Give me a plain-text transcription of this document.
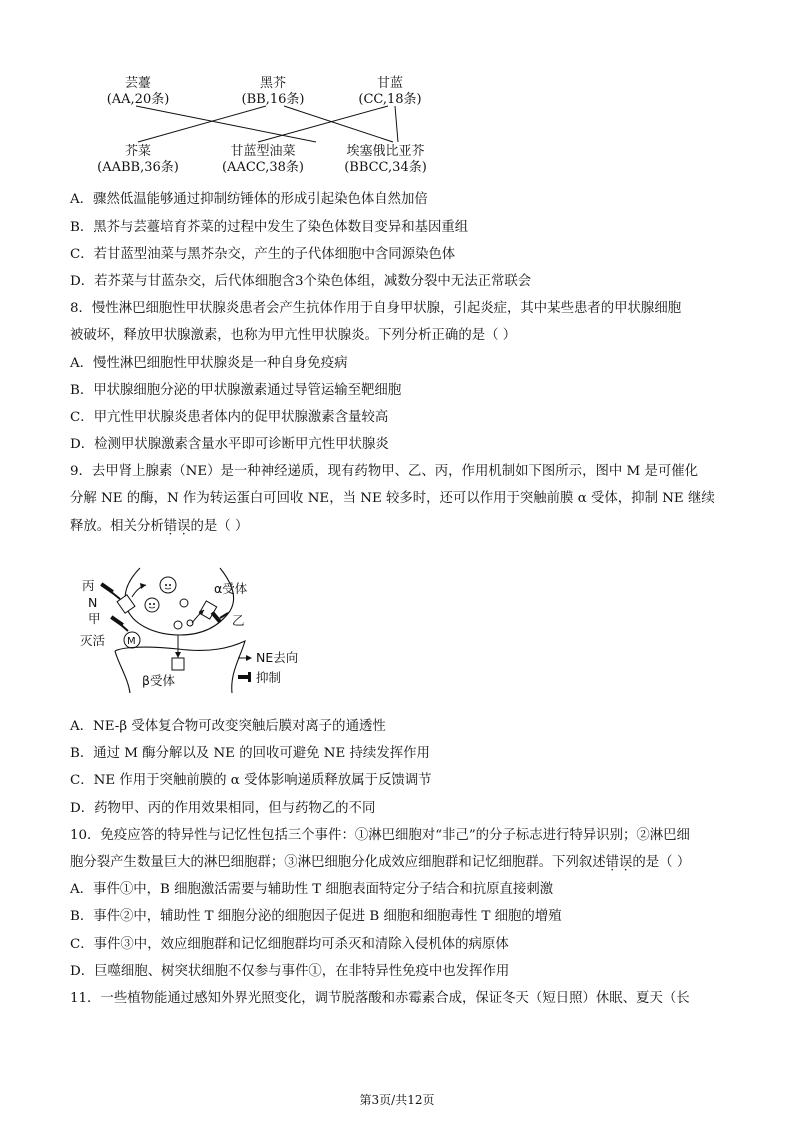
芸薹
(AA,20条)
黑芥
(BB,16条)
甘蓝
(CC,18条)
芥菜
(AABB,36条)
甘蓝型油菜
(AACC,38条)
埃塞俄比亚芥
(BBCC,34条)
A．骤然低温能够通过抑制纺锤体的形成引起染色体自然加倍
B．黑芥与芸薹培育芥菜的过程中发生了染色体数目变异和基因重组
C．若甘蓝型油菜与黑芥杂交，产生的子代体细胞中含同源染色体
D．若芥菜与甘蓝杂交，后代体细胞含3个染色体组，减数分裂中无法正常联会
8．慢性淋巴细胞性甲状腺炎患者会产生抗体作用于自身甲状腺，引起炎症，其中某些患者的甲状腺细胞
被破坏，释放甲状腺激素，也称为甲亢性甲状腺炎。下列分析正确的是（ ）
A．慢性淋巴细胞性甲状腺炎是一种自身免疫病
B．甲状腺细胞分泌的甲状腺激素通过导管运输至靶细胞
C．甲亢性甲状腺炎患者体内的促甲状腺激素含量较高
D．检测甲状腺激素含量水平即可诊断甲亢性甲状腺炎
9．去甲肾上腺素（NE）是一种神经递质，现有药物甲、乙、丙，作用机制如下图所示，图中 M 是可催化
分解 NE 的酶，N 作为转运蛋白可回收 NE，当 NE 较多时，还可以作用于突触前膜 α 受体，抑制 NE 继续
释放。相关分析错误的是（ ）
丙
N
甲
灭活 M
α受体
乙
β受体
NE去向
抑制
A．NE-β 受体复合物可改变突触后膜对离子的通透性
B．通过 M 酶分解以及 NE 的回收可避免 NE 持续发挥作用
C．NE 作用于突触前膜的 α 受体影响递质释放属于反馈调节
D．药物甲、丙的作用效果相同，但与药物乙的不同
10．免疫应答的特异性与记忆性包括三个事件：①淋巴细胞对“非己”的分子标志进行特异识别；②淋巴细
胞分裂产生数量巨大的淋巴细胞群；③淋巴细胞分化成效应细胞群和记忆细胞群。下列叙述错误的是（ ）
A．事件①中，B 细胞激活需要与辅助性 T 细胞表面特定分子结合和抗原直接刺激
B．事件②中，辅助性 T 细胞分泌的细胞因子促进 B 细胞和细胞毒性 T 细胞的增殖
C．事件③中，效应细胞群和记忆细胞群均可杀灭和清除入侵机体的病原体
D．巨噬细胞、树突状细胞不仅参与事件①，在非特异性免疫中也发挥作用
11．一些植物能通过感知外界光照变化，调节脱落酸和赤霉素合成，保证冬天（短日照）休眠、夏天（长
第3页/共12页
